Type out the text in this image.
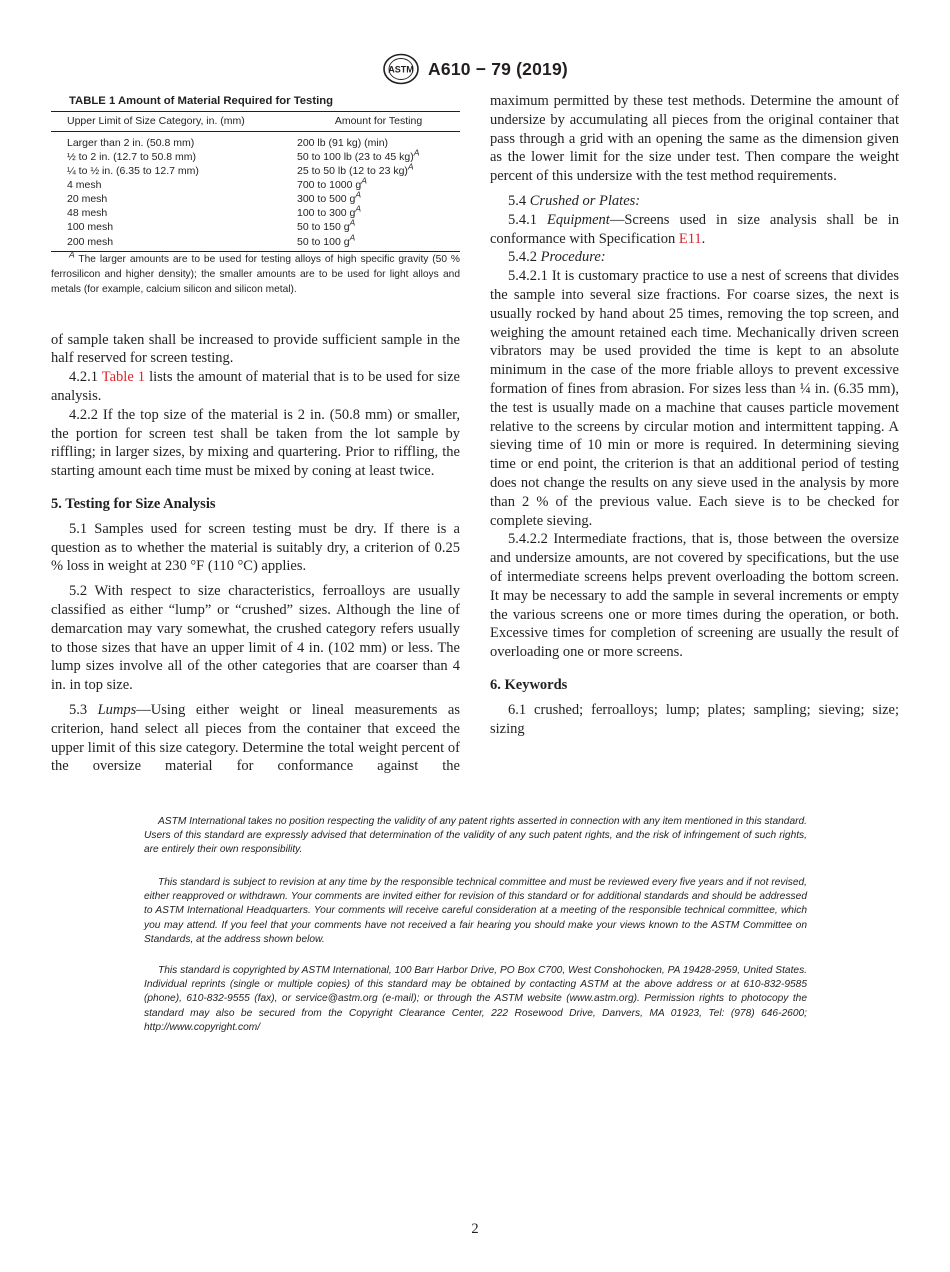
ASTM A610 − 79 (2019)

TABLE 1 Amount of Material Required for Testing

Upper Limit of Size Category, in. (mm)	Amount for Testing
Larger than 2 in. (50.8 mm)	200 lb (91 kg) (min)
½ to 2 in. (12.7 to 50.8 mm)	50 to 100 lb (23 to 45 kg)$^A$
¼ to ½ in. (6.35 to 12.7 mm)	25 to 50 lb (12 to 23 kg)$^A$
4 mesh	700 to 1000 $g^A$
20 mesh	300 to 500 $g^A$
48 mesh	100 to 300 $g^A$
100 mesh	50 to 150 $g^A$
200 mesh	50 to 100 $g^A$

$^A$ The larger amounts are to be used for testing alloys of high specific gravity (50 % ferrosilicon and higher density); the smaller amounts are to be used for light alloys and metals (for example, calcium silicon and silicon metal).

of sample taken shall be increased to provide sufficient sample in the half reserved for screen testing.

4.2.1 Table 1 lists the amount of material that is to be used for size analysis.

4.2.2 If the top size of the material is 2 in. (50.8 mm) or smaller, the portion for screen test shall be taken from the lot sample by riffling; in larger sizes, by mixing and quartering. Prior to riffling, the starting amount each time must be mixed by coning at least twice.

5. Testing for Size Analysis

5.1 Samples used for screen testing must be dry. If there is a question as to whether the material is suitably dry, a criterion of 0.25 % loss in weight at 230 °F (110 °C) applies.

5.2 With respect to size characteristics, ferroalloys are usually classified as either “lump” or “crushed” sizes. Although the line of demarcation may vary somewhat, the crushed category refers usually to those sizes that have an upper limit of 4 in. (102 mm) or less. The lump sizes involve all of the other categories that are coarser than 4 in. in top size.

5.3 Lumps—Using either weight or lineal measurements as criterion, hand select all pieces from the container that exceed the upper limit of this size category. Determine the total weight percent of the oversize material for conformance against the

maximum permitted by these test methods. Determine the amount of undersize by accumulating all pieces from the original container that pass through a grid with an opening the same as the dimension given as the lower limit for the size under test. Then compare the weight percent of this undersize with the test method requirements.

5.4 Crushed or Plates:

5.4.1 Equipment—Screens used in size analysis shall be in conformance with Specification E11.

5.4.2 Procedure:

5.4.2.1 It is customary practice to use a nest of screens that divides the sample into several size fractions. For coarse sizes, the next is usually rocked by hand about 25 times, removing the top screen, and weighing the amount retained each time. Mechanically driven screen vibrators may be used provided the time is kept to an absolute minimum in the case of the more friable alloys to prevent excessive formation of fines from abrasion. For sizes less than ¼ in. (6.35 mm), the test is usually made on a machine that causes particle movement relative to the screens by circular motion and intermittent tapping. A sieving time of 10 min or more is required. In determining sieving time or end point, the criterion is that an additional period of testing does not change the results on any sieve used in the analysis by more than 2 % of the previous value. Each sieve is to be checked for complete sieving.

5.4.2.2 Intermediate fractions, that is, those between the oversize and undersize amounts, are not covered by specifications, but the use of intermediate screens helps prevent overloading the bottom screen. It may be necessary to add the sample in several increments or empty the various screens one or more times during the operation, or both. Excessive times for completion of screening are usually the result of overloading one or more screens.

6. Keywords

6.1 crushed; ferroalloys; lump; plates; sampling; sieving; size; sizing

ASTM International takes no position respecting the validity of any patent rights asserted in connection with any item mentioned in this standard. Users of this standard are expressly advised that determination of the validity of any such patent rights, and the risk of infringement of such rights, are entirely their own responsibility.

This standard is subject to revision at any time by the responsible technical committee and must be reviewed every five years and if not revised, either reapproved or withdrawn. Your comments are invited either for revision of this standard or for additional standards and should be addressed to ASTM International Headquarters. Your comments will receive careful consideration at a meeting of the responsible technical committee, which you may attend. If you feel that your comments have not received a fair hearing you should make your views known to the ASTM Committee on Standards, at the address shown below.

This standard is copyrighted by ASTM International, 100 Barr Harbor Drive, PO Box C700, West Conshohocken, PA 19428-2959, United States. Individual reprints (single or multiple copies) of this standard may be obtained by contacting ASTM at the above address or at 610-832-9585 (phone), 610-832-9555 (fax), or service@astm.org (e-mail); or through the ASTM website (www.astm.org). Permission rights to photocopy the standard may also be secured from the Copyright Clearance Center, 222 Rosewood Drive, Danvers, MA 01923, Tel: (978) 646-2600; http://www.copyright.com/

2
